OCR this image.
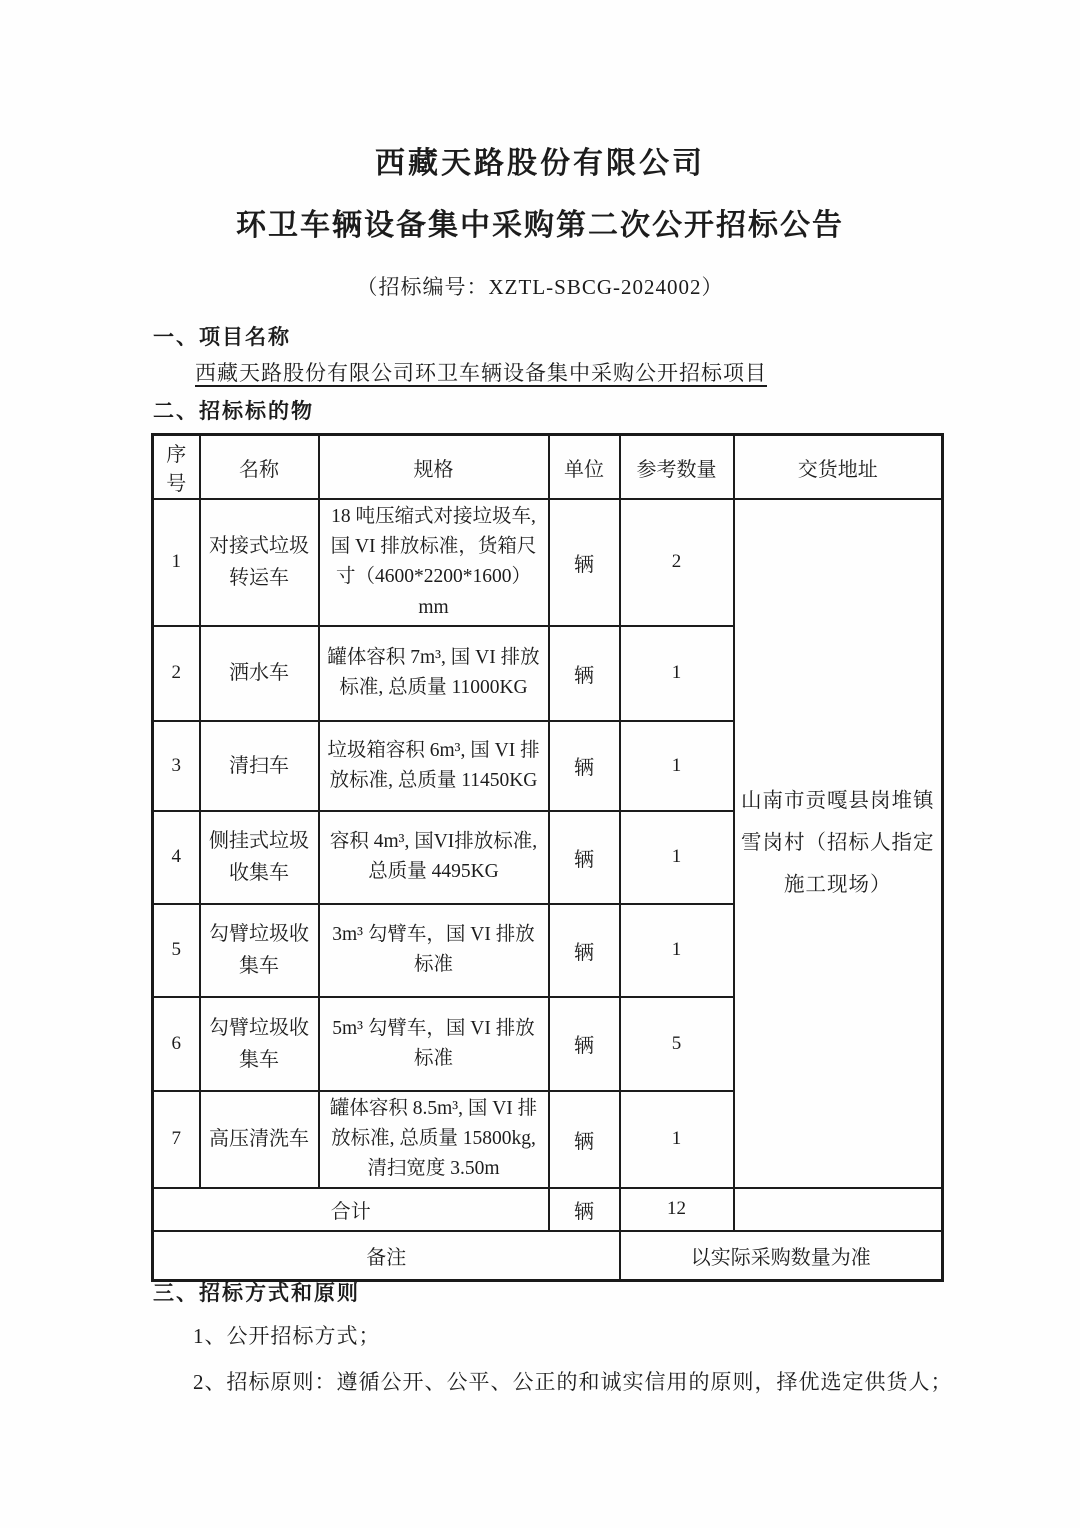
西藏天路股份有限公司
环卫车辆设备集中采购第二次公开招标公告
（招标编号：XZTL-SBCG-2024002）
一、项目名称
西藏天路股份有限公司环卫车辆设备集中采购公开招标项目
二、招标标的物
序号	名称	规格	单位	参考数量	交货地址
1	对接式垃圾转运车	18 吨压缩式对接垃圾车, 国 VI 排放标准，货箱尺寸（4600*2200*1600）mm	辆	2	山南市贡嘎县岗堆镇雪岗村（招标人指定施工现场）
2	洒水车	罐体容积 7m³, 国 VI 排放标准, 总质量 11000KG	辆	1	
3	清扫车	垃圾箱容积 6m³, 国 VI 排放标准, 总质量 11450KG	辆	1	
4	侧挂式垃圾收集车	容积 4m³, 国VI排放标准, 总质量 4495KG	辆	1	
5	勾臂垃圾收集车	3m³ 勾臂车，国 VI 排放标准	辆	1	
6	勾臂垃圾收集车	5m³ 勾臂车，国 VI 排放标准	辆	5	
7	高压清洗车	罐体容积 8.5m³, 国 VI 排放标准, 总质量 15800kg, 清扫宽度 3.50m	辆	1	
合计			辆	12	
备注				以实际采购数量为准	
三、招标方式和原则
1、公开招标方式；
2、招标原则：遵循公开、公平、公正的和诚实信用的原则，择优选定供货人；
